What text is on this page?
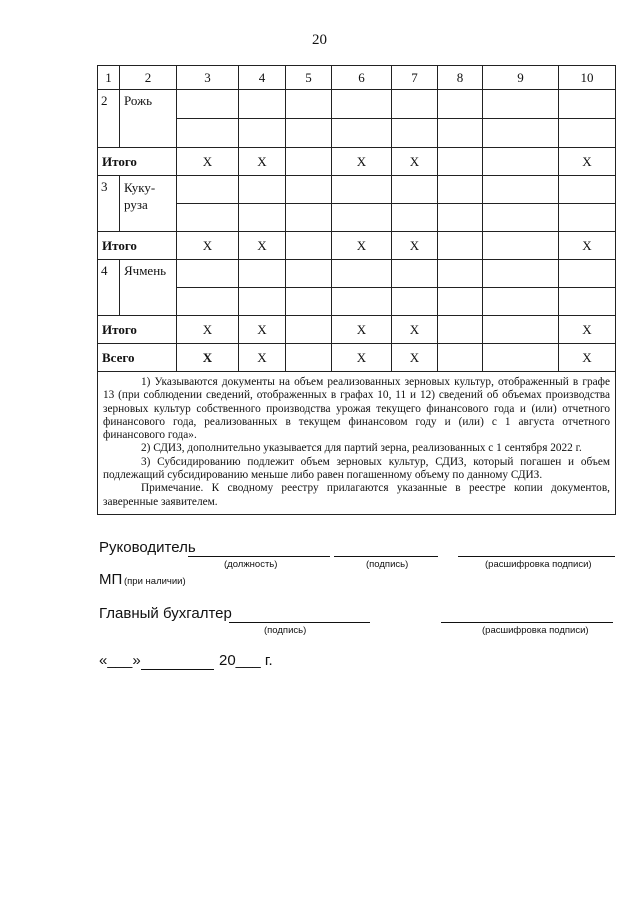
20
1	2	3	4	5	6	7	8	9	10
2	Рожь								

Итого		X	X		X	X			X
3	Куку-
руза								

Итого		X	X		X	X			X
4	Ячмень								

Итого		X	X		X	X			X
Всего		X	X		X	X			X

1) Указываются документы на объем реализованных зерновых культур, отображенный в графе 13 (при соблюдении сведений, отображенных в графах 10, 11 и 12) сведений об объемах производства зерновых культур собственного производства урожая текущего финансового года и (или) отчетного финансового года, реализованных в текущем финансовом году и (или) с 1 августа отчетного финансового года».

2) СДИЗ, дополнительно указывается для партий зерна, реализованных с 1 сентября 2022 г.

3) Субсидированию подлежит объем зерновых культур, СДИЗ, который погашен и объем подлежащий субсидированию меньше либо равен погашенному объему по данному СДИЗ.

Примечание. К сводному реестру прилагаются указанные в реестре копии документов, заверенные заявителем.									

Руководитель
(должность)	(подпись)	(расшифровка подписи)
МП (при наличии)
Главный бухгалтер
(подпись)	(расшифровка подписи)
«___»	20___ г.
